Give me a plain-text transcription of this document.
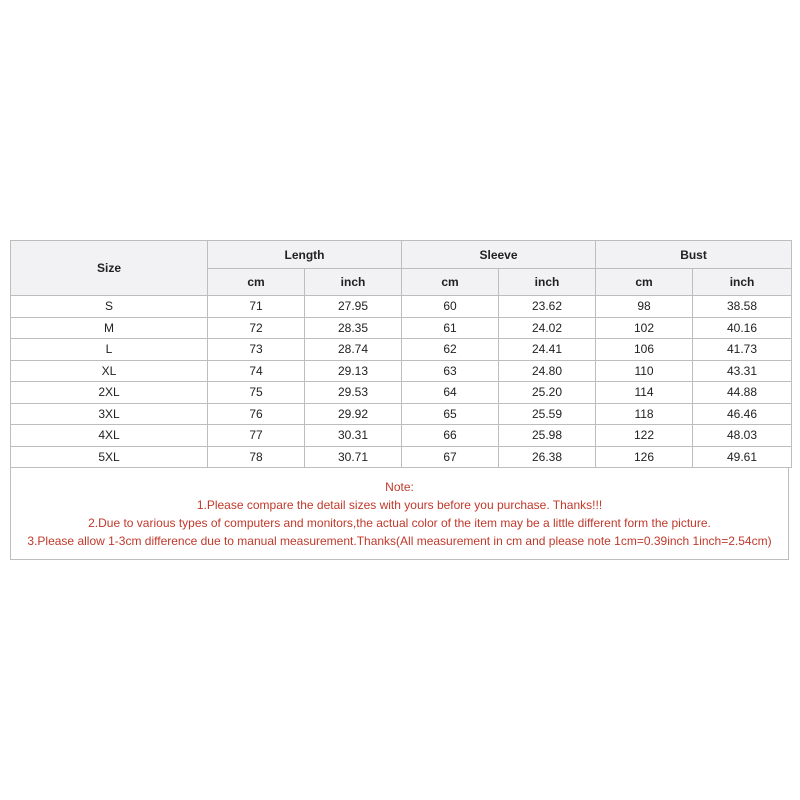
Size	Length		Sleeve		Bust	
	cm	inch	cm	inch	cm	inch
S	71	27.95	60	23.62	98	38.58
M	72	28.35	61	24.02	102	40.16
L	73	28.74	62	24.41	106	41.73
XL	74	29.13	63	24.80	110	43.31
2XL	75	29.53	64	25.20	114	44.88
3XL	76	29.92	65	25.59	118	46.46
4XL	77	30.31	66	25.98	122	48.03
5XL	78	30.71	67	26.38	126	49.61
Note:
1.Please compare the detail sizes with yours before you purchase. Thanks!!!
2.Due to various types of computers and monitors,the actual color of the item may be a little different form the picture.
3.Please allow 1-3cm difference due to manual measurement.Thanks(All measurement in cm and please note 1cm=0.39inch 1inch=2.54cm)
